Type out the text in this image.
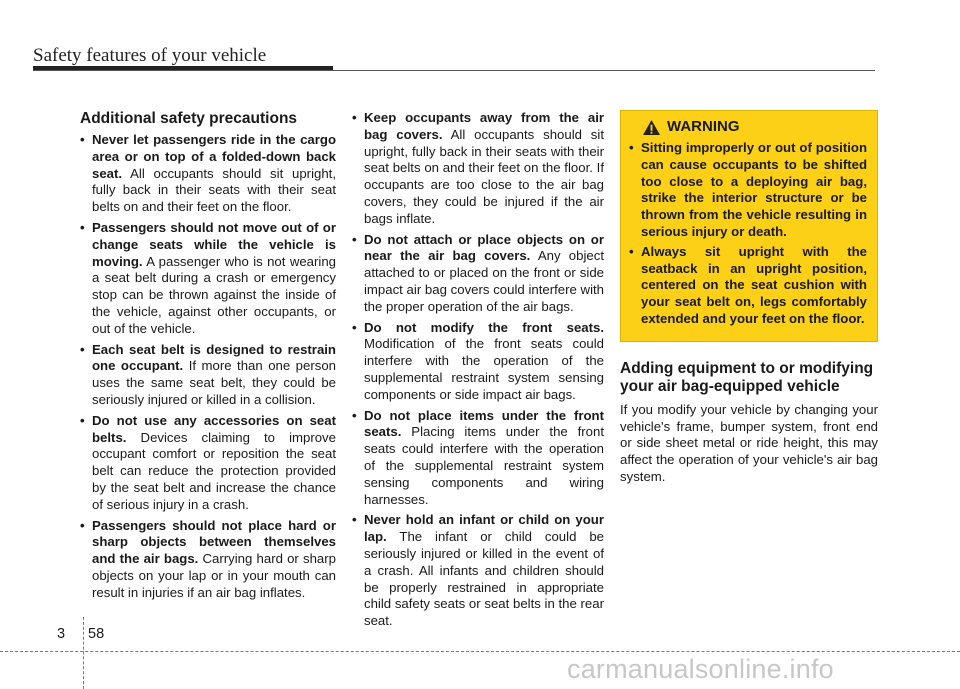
Safety features of your vehicle
Additional safety precautions
• Never let passengers ride in the cargo area or on top of a folded-down back seat. All occupants should sit upright, fully back in their seats with their seat belts on and their feet on the floor.
• Passengers should not move out of or change seats while the vehicle is moving. A passenger who is not wearing a seat belt during a crash or emergency stop can be thrown against the inside of the vehicle, against other occupants, or out of the vehicle.
• Each seat belt is designed to restrain one occupant. If more than one person uses the same seat belt, they could be seriously injured or killed in a collision.
• Do not use any accessories on seat belts. Devices claiming to improve occupant comfort or reposition the seat belt can reduce the protection provided by the seat belt and increase the chance of serious injury in a crash.
• Passengers should not place hard or sharp objects between themselves and the air bags. Carrying hard or sharp objects on your lap or in your mouth can result in injuries if an air bag inflates.
• Keep occupants away from the air bag covers. All occupants should sit upright, fully back in their seats with their seat belts on and their feet on the floor. If occupants are too close to the air bag covers, they could be injured if the air bags inflate.
• Do not attach or place objects on or near the air bag covers. Any object attached to or placed on the front or side impact air bag covers could interfere with the proper operation of the air bags.
• Do not modify the front seats. Modification of the front seats could interfere with the operation of the supplemental restraint system sensing components or side impact air bags.
• Do not place items under the front seats. Placing items under the front seats could interfere with the operation of the supplemental restraint system sensing components and wiring harnesses.
• Never hold an infant or child on your lap. The infant or child could be seriously injured or killed in the event of a crash. All infants and children should be properly restrained in appropriate child safety seats or seat belts in the rear seat.
WARNING
• Sitting improperly or out of position can cause occupants to be shifted too close to a deploying air bag, strike the interior structure or be thrown from the vehicle resulting in serious injury or death.
• Always sit upright with the seatback in an upright position, centered on the seat cushion with your seat belt on, legs comfortably extended and your feet on the floor.
Adding equipment to or modifying your air bag-equipped vehicle
If you modify your vehicle by changing your vehicle's frame, bumper system, front end or side sheet metal or ride height, this may affect the operation of your vehicle's air bag system.
3 58
carmanualsonline.info
